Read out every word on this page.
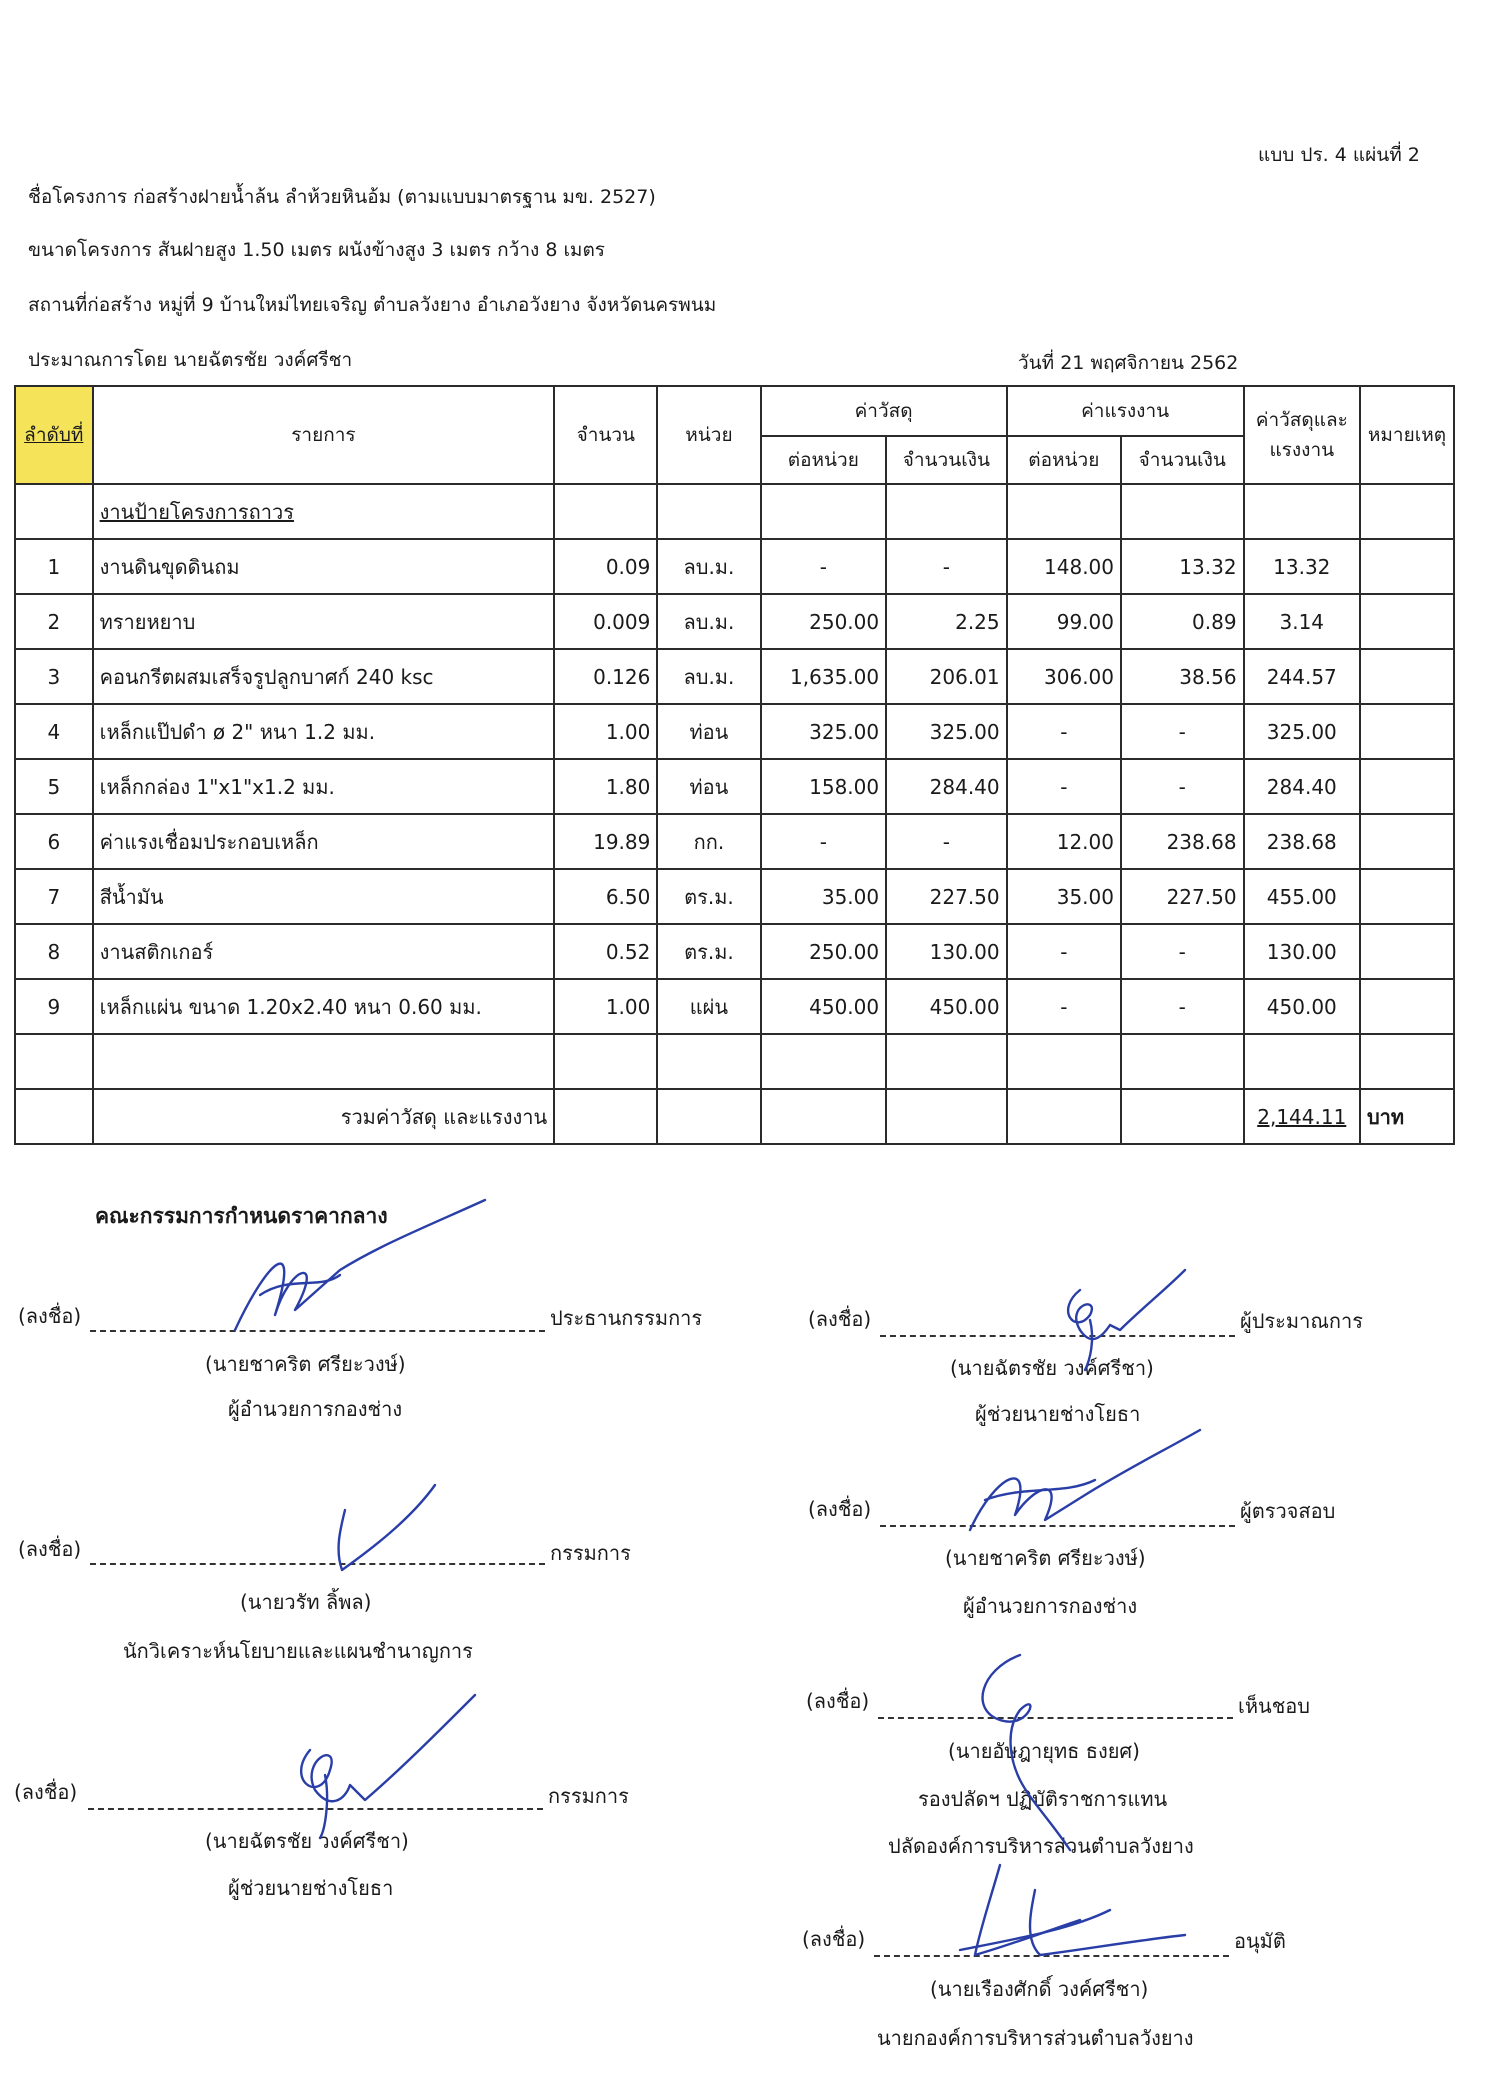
แบบ ปร. 4 แผ่นที่ 2
ชื่อโครงการ ก่อสร้างฝายน้ำล้น ลำห้วยหินอ้ม (ตามแบบมาตรฐาน มข. 2527)
ขนาดโครงการ สันฝายสูง 1.50 เมตร ผนังข้างสูง 3 เมตร กว้าง 8 เมตร
สถานที่ก่อสร้าง หมู่ที่ 9 บ้านใหม่ไทยเจริญ ตำบลวังยาง อำเภอวังยาง จังหวัดนครพนม
ประมาณการโดย นายฉัตรชัย วงค์ศรีชา	วันที่ 21 พฤศจิกายน 2562
ลำดับที่	รายการ	จำนวน	หน่วย	ค่าวัสดุ		ค่าแรงงาน		ค่าวัสดุและแรงงาน	หมายเหตุ
				ต่อหน่วย	จำนวนเงิน	ต่อหน่วย	จำนวนเงิน		
	งานป้ายโครงการถาวร								
1	งานดินขุดดินถม	0.09	ลบ.ม.	-	-	148.00	13.32	13.32	
2	ทรายหยาบ	0.009	ลบ.ม.	250.00	2.25	99.00	0.89	3.14	
3	คอนกรีตผสมเสร็จรูปลูกบาศก์ 240 ksc	0.126	ลบ.ม.	1,635.00	206.01	306.00	38.56	244.57	
4	เหล็กแป๊ปดำ ø 2" หนา 1.2 มม.	1.00	ท่อน	325.00	325.00	-	-	325.00	
5	เหล็กกล่อง 1"x1"x1.2 มม.	1.80	ท่อน	158.00	284.40	-	-	284.40	
6	ค่าแรงเชื่อมประกอบเหล็ก	19.89	กก.	-	-	12.00	238.68	238.68	
7	สีน้ำมัน	6.50	ตร.ม.	35.00	227.50	35.00	227.50	455.00	
8	งานสติกเกอร์	0.52	ตร.ม.	250.00	130.00	-	-	130.00	
9	เหล็กแผ่น ขนาด 1.20x2.40 หนา 0.60 มม.	1.00	แผ่น	450.00	450.00	-	-	450.00	

	รวมค่าวัสดุ และแรงงาน							2,144.11	บาท
คณะกรรมการกำหนดราคากลาง
(ลงชื่อ)	ประธานกรรมการ
(นายชาคริต ศรียะวงษ์)
ผู้อำนวยการกองช่าง
(ลงชื่อ)	กรรมการ
(นายวรัท ลิ้พล)
นักวิเคราะห์นโยบายและแผนชำนาญการ
(ลงชื่อ)	กรรมการ
(นายฉัตรชัย วงค์ศรีชา)
ผู้ช่วยนายช่างโยธา
(ลงชื่อ)	ผู้ประมาณการ
(นายฉัตรชัย วงค์ศรีชา)
ผู้ช่วยนายช่างโยธา
(ลงชื่อ)	ผู้ตรวจสอบ
(นายชาคริต ศรียะวงษ์)
ผู้อำนวยการกองช่าง
(ลงชื่อ)	เห็นชอบ
(นายอัษฎายุทธ ธงยศ)
รองปลัดฯ ปฏิบัติราชการแทน
ปลัดองค์การบริหารส่วนตำบลวังยาง
(ลงชื่อ)	อนุมัติ
(นายเรืองศักดิ์ วงค์ศรีชา)
นายกองค์การบริหารส่วนตำบลวังยาง
